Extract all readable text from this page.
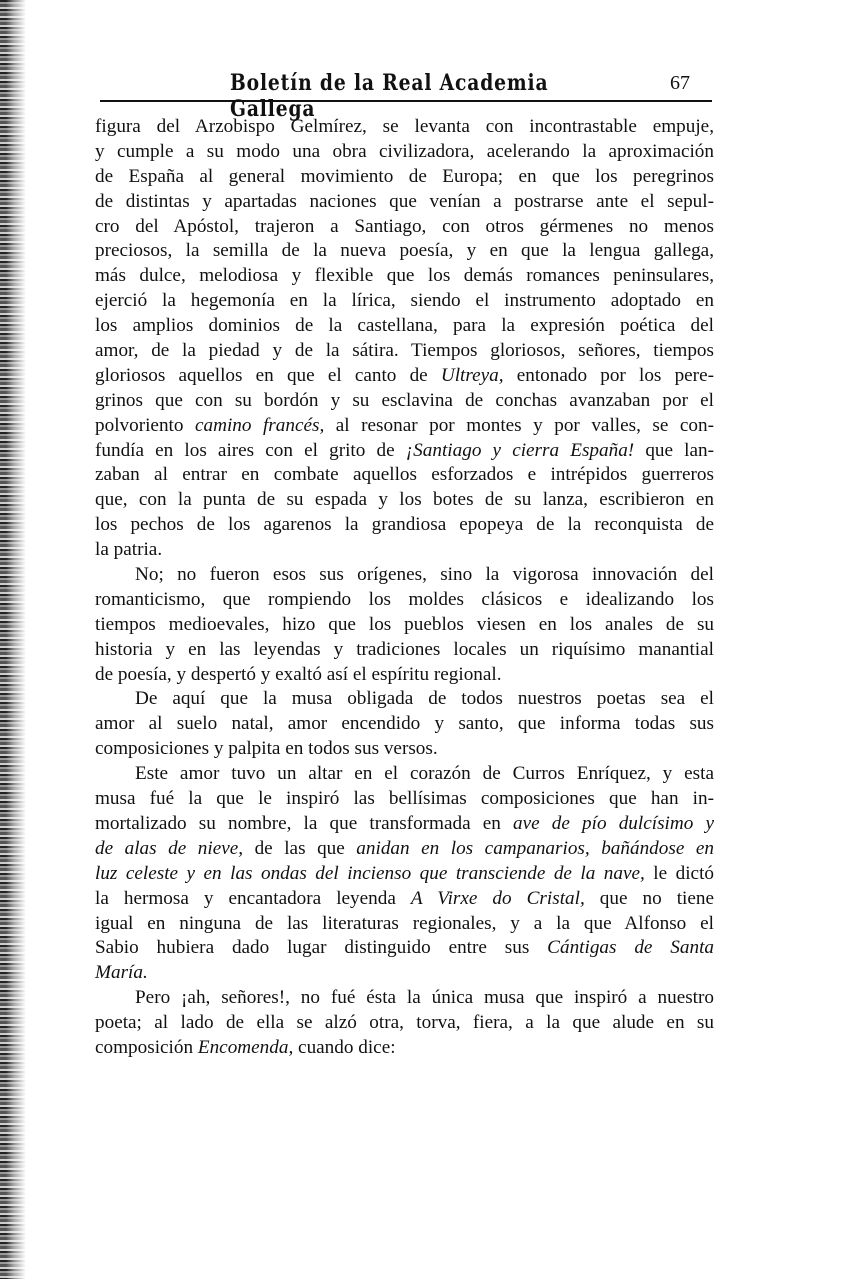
Boletín de la Real Academia Gallega
67
figura del Arzobispo Gelmírez, se levanta con incontrastable empuje,
y cumple a su modo una obra civilizadora, acelerando la aproximación
de España al general movimiento de Europa; en que los peregrinos
de distintas y apartadas naciones que venían a postrarse ante el sepul-
cro del Apóstol, trajeron a Santiago, con otros gérmenes no menos
preciosos, la semilla de la nueva poesía, y en que la lengua gallega,
más dulce, melodiosa y flexible que los demás romances peninsulares,
ejerció la hegemonía en la lírica, siendo el instrumento adoptado en
los amplios dominios de la castellana, para la expresión poética del
amor, de la piedad y de la sátira. Tiempos gloriosos, señores, tiempos
gloriosos aquellos en que el canto de Ultreya, entonado por los pere-
grinos que con su bordón y su esclavina de conchas avanzaban por el
polvoriento camino francés, al resonar por montes y por valles, se con-
fundía en los aires con el grito de ¡Santiago y cierra España! que lan-
zaban al entrar en combate aquellos esforzados e intrépidos guerreros
que, con la punta de su espada y los botes de su lanza, escribieron en
los pechos de los agarenos la grandiosa epopeya de la reconquista de
la patria.
No; no fueron esos sus orígenes, sino la vigorosa innovación del
romanticismo, que rompiendo los moldes clásicos e idealizando los
tiempos medioevales, hizo que los pueblos viesen en los anales de su
historia y en las leyendas y tradiciones locales un riquísimo manantial
de poesía, y despertó y exaltó así el espíritu regional.
De aquí que la musa obligada de todos nuestros poetas sea el
amor al suelo natal, amor encendido y santo, que informa todas sus
composiciones y palpita en todos sus versos.
Este amor tuvo un altar en el corazón de Curros Enríquez, y esta
musa fué la que le inspiró las bellísimas composiciones que han in-
mortalizado su nombre, la que transformada en ave de pío dulcísimo y
de alas de nieve, de las que anidan en los campanarios, bañándose en
luz celeste y en las ondas del incienso que transciende de la nave, le dictó
la hermosa y encantadora leyenda A Virxe do Cristal, que no tiene
igual en ninguna de las literaturas regionales, y a la que Alfonso el
Sabio hubiera dado lugar distinguido entre sus Cántigas de Santa
María.
Pero ¡ah, señores!, no fué ésta la única musa que inspiró a nuestro
poeta; al lado de ella se alzó otra, torva, fiera, a la que alude en su
composición Encomenda, cuando dice:
